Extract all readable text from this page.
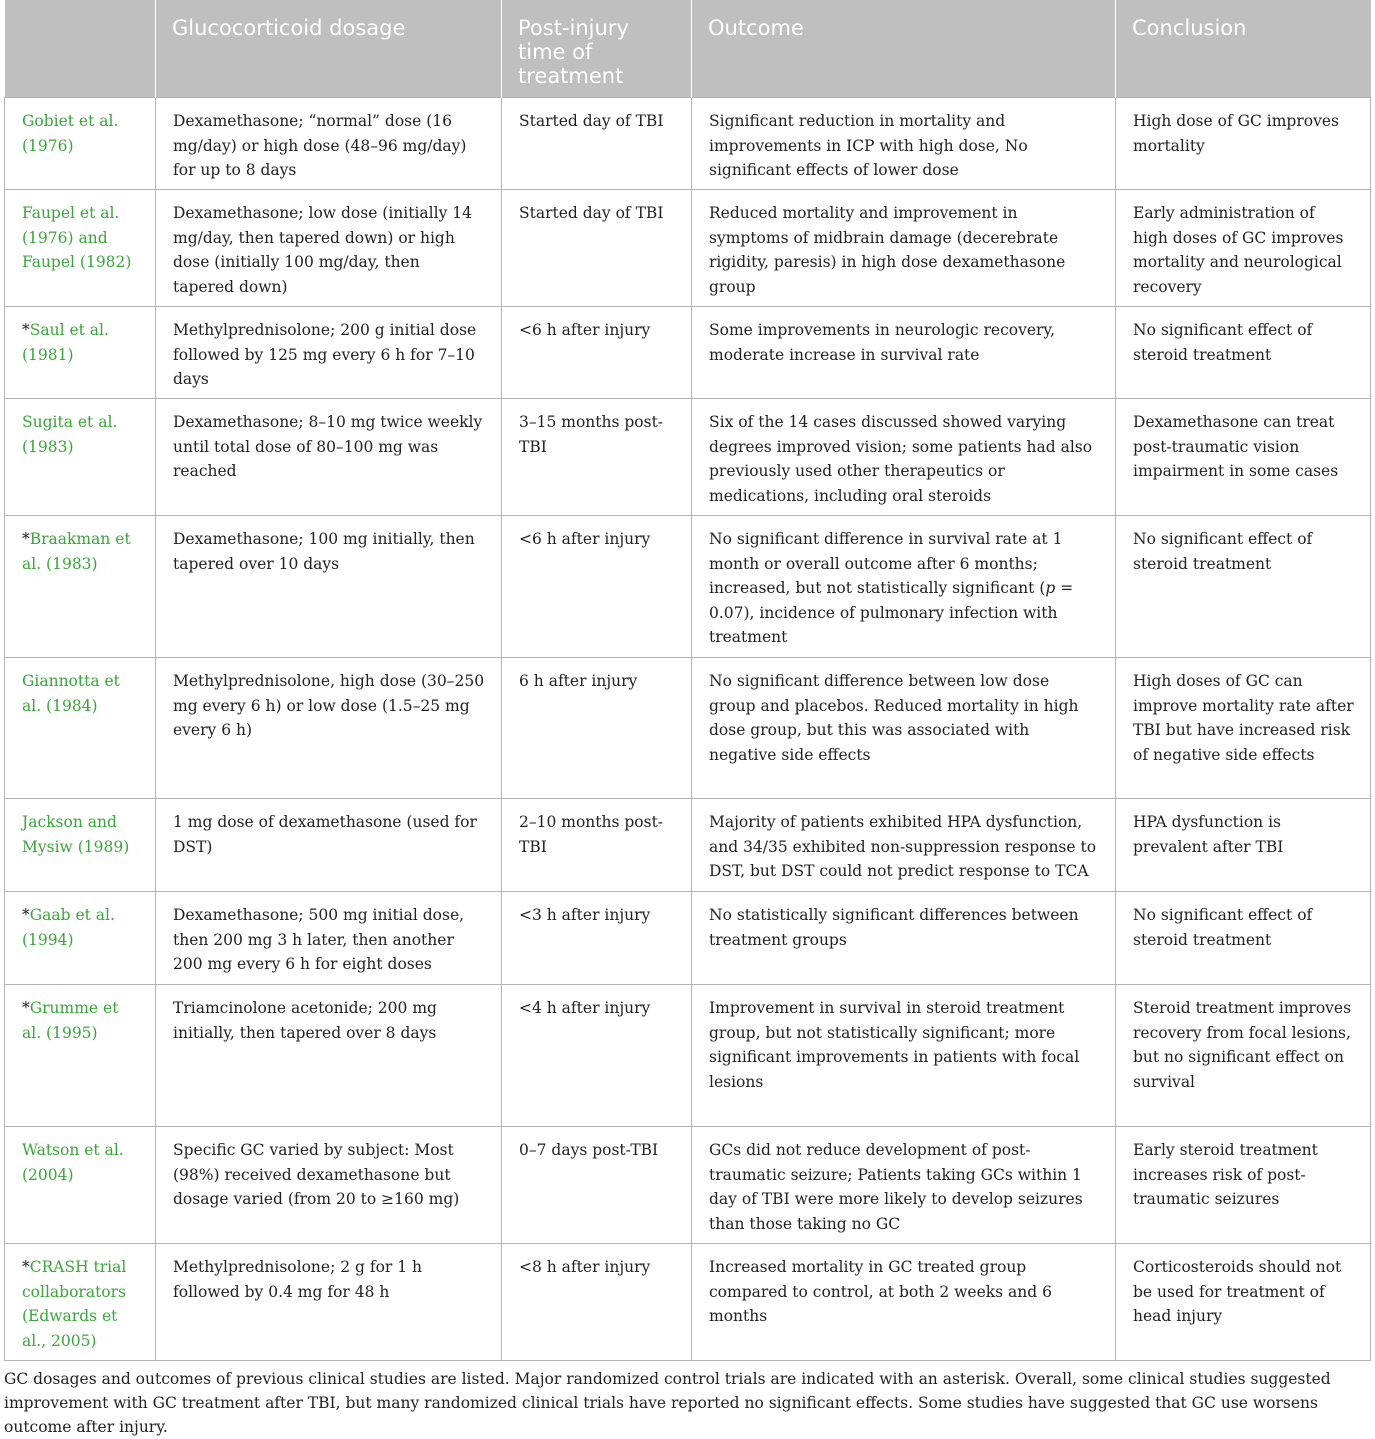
	Glucocorticoid dosage	Post-injury time of treatment	Outcome	Conclusion
Gobiet et al. (1976)	Dexamethasone; “normal” dose (16 mg/day) or high dose (48–96 mg/day) for up to 8 days	Started day of TBI	Significant reduction in mortality and improvements in ICP with high dose, No significant effects of lower dose	High dose of GC improves mortality
Faupel et al. (1976) and Faupel (1982)	Dexamethasone; low dose (initially 14 mg/day, then tapered down) or high dose (initially 100 mg/day, then tapered down)	Started day of TBI	Reduced mortality and improvement in symptoms of midbrain damage (decerebrate rigidity, paresis) in high dose dexamethasone group	Early administration of high doses of GC improves mortality and neurological recovery
*Saul et al. (1981)	Methylprednisolone; 200 g initial dose followed by 125 mg every 6 h for 7–10 days	<6 h after injury	Some improvements in neurologic recovery, moderate increase in survival rate	No significant effect of steroid treatment
Sugita et al. (1983)	Dexamethasone; 8–10 mg twice weekly until total dose of 80–100 mg was reached	3–15 months post-TBI	Six of the 14 cases discussed showed varying degrees improved vision; some patients had also previously used other therapeutics or medications, including oral steroids	Dexamethasone can treat post-traumatic vision impairment in some cases
*Braakman et al. (1983)	Dexamethasone; 100 mg initially, then tapered over 10 days	<6 h after injury	No significant difference in survival rate at 1 month or overall outcome after 6 months; increased, but not statistically significant (p = 0.07), incidence of pulmonary infection with treatment	No significant effect of steroid treatment
Giannotta et al. (1984)	Methylprednisolone, high dose (30–250 mg every 6 h) or low dose (1.5–25 mg every 6 h)	6 h after injury	No significant difference between low dose group and placebos. Reduced mortality in high dose group, but this was associated with negative side effects	High doses of GC can improve mortality rate after TBI but have increased risk of negative side effects
Jackson and Mysiw (1989)	1 mg dose of dexamethasone (used for DST)	2–10 months post-TBI	Majority of patients exhibited HPA dysfunction, and 34/35 exhibited non-suppression response to DST, but DST could not predict response to TCA	HPA dysfunction is prevalent after TBI
*Gaab et al. (1994)	Dexamethasone; 500 mg initial dose, then 200 mg 3 h later, then another 200 mg every 6 h for eight doses	<3 h after injury	No statistically significant differences between treatment groups	No significant effect of steroid treatment
*Grumme et al. (1995)	Triamcinolone acetonide; 200 mg initially, then tapered over 8 days	<4 h after injury	Improvement in survival in steroid treatment group, but not statistically significant; more significant improvements in patients with focal lesions	Steroid treatment improves recovery from focal lesions, but no significant effect on survival
Watson et al. (2004)	Specific GC varied by subject: Most (98%) received dexamethasone but dosage varied (from 20 to ≥160 mg)	0–7 days post-TBI	GCs did not reduce development of post-traumatic seizure; Patients taking GCs within 1 day of TBI were more likely to develop seizures than those taking no GC	Early steroid treatment increases risk of post-traumatic seizures
*CRASH trial collaborators (Edwards et al., 2005)	Methylprednisolone; 2 g for 1 h followed by 0.4 mg for 48 h	<8 h after injury	Increased mortality in GC treated group compared to control, at both 2 weeks and 6 months	Corticosteroids should not be used for treatment of head injury
GC dosages and outcomes of previous clinical studies are listed. Major randomized control trials are indicated with an asterisk. Overall, some clinical studies suggested improvement with GC treatment after TBI, but many randomized clinical trials have reported no significant effects. Some studies have suggested that GC use worsens outcome after injury.
